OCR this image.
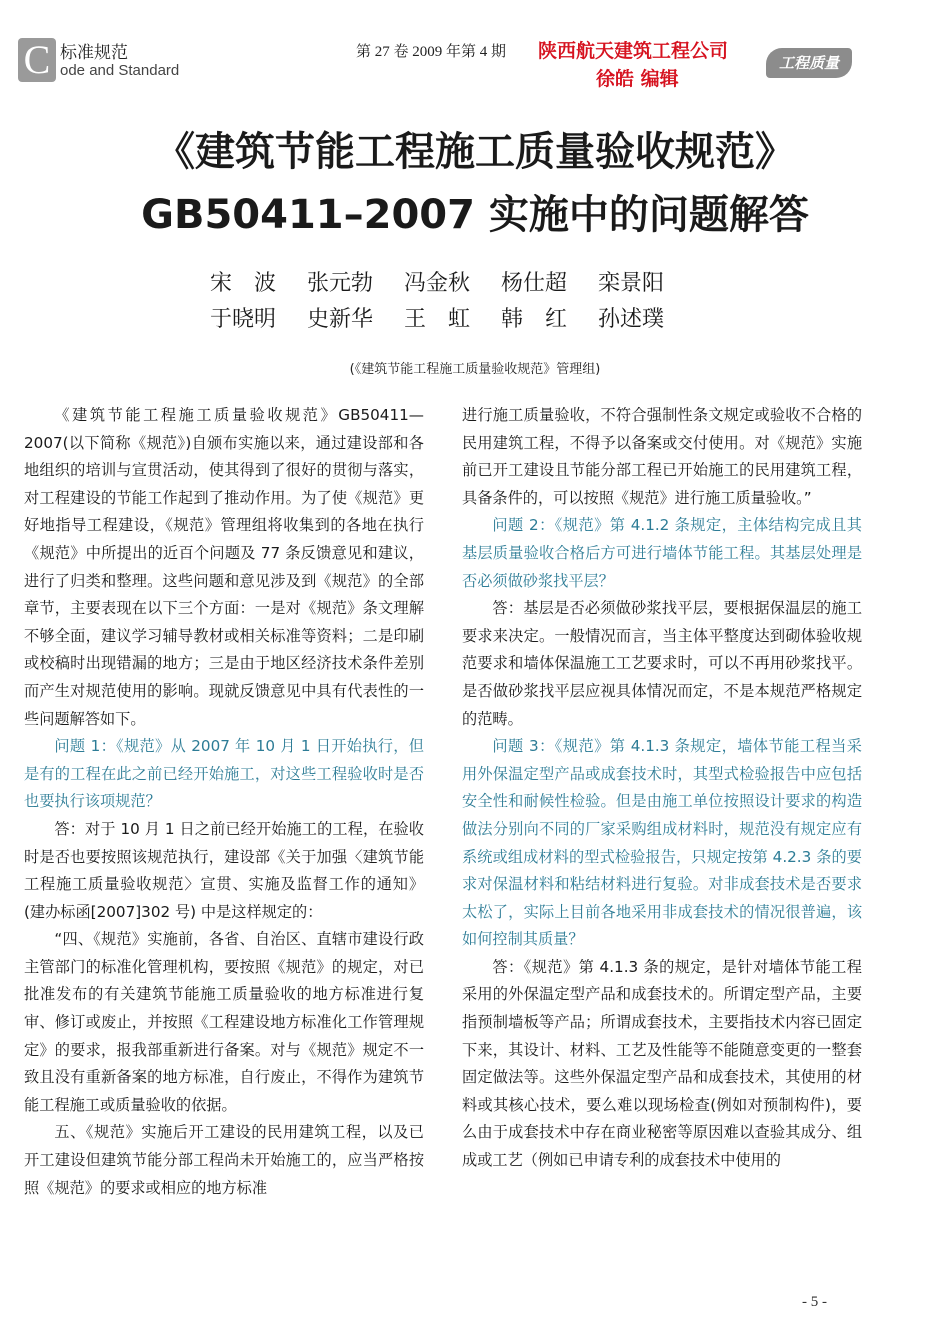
C 标准规范
ode and Standard
第 27 卷 2009 年第 4 期 陕西航天建筑工程公司
徐皓 编辑
工程质量
《建筑节能工程施工质量验收规范》
GB50411–2007 实施中的问题解答
宋　波	张元勃	冯金秋	杨仕超	栾景阳
于晓明	史新华	王　虹	韩　红	孙述璞
(《建筑节能工程施工质量验收规范》管理组)

《建筑节能工程施工质量验收规范》GB50411—2007(以下简称《规范》)自颁布实施以来，通过建设部和各地组织的培训与宣贯活动，使其得到了很好的贯彻与落实，对工程建设的节能工作起到了推动作用。为了使《规范》更好地指导工程建设，《规范》管理组将收集到的各地在执行《规范》中所提出的近百个问题及 77 条反馈意见和建议，进行了归类和整理。这些问题和意见涉及到《规范》的全部章节，主要表现在以下三个方面：一是对《规范》条文理解不够全面，建议学习辅导教材或相关标准等资料；二是印刷或校稿时出现错漏的地方；三是由于地区经济技术条件差别而产生对规范使用的影响。现就反馈意见中具有代表性的一些问题解答如下。

问题 1：《规范》从 2007 年 10 月 1 日开始执行，但是有的工程在此之前已经开始施工，对这些工程验收时是否也要执行该项规范？

答：对于 10 月 1 日之前已经开始施工的工程，在验收时是否也要按照该规范执行，建设部《关于加强〈建筑节能工程施工质量验收规范〉宣贯、实施及监督工作的通知》(建办标函[2007]302 号) 中是这样规定的：

“四、《规范》实施前，各省、自治区、直辖市建设行政主管部门的标准化管理机构，要按照《规范》的规定，对已批准发布的有关建筑节能施工质量验收的地方标准进行复审、修订或废止，并按照《工程建设地方标准化工作管理规定》的要求，报我部重新进行备案。对与《规范》规定不一致且没有重新备案的地方标准，自行废止，不得作为建筑节能工程施工或质量验收的依据。

五、《规范》实施后开工建设的民用建筑工程，以及已开工建设但建筑节能分部工程尚未开始施工的，应当严格按照《规范》的要求或相应的地方标准

进行施工质量验收，不符合强制性条文规定或验收不合格的民用建筑工程，不得予以备案或交付使用。对《规范》实施前已开工建设且节能分部工程已开始施工的民用建筑工程，具备条件的，可以按照《规范》进行施工质量验收。”

问题 2：《规范》第 4.1.2 条规定，主体结构完成且其基层质量验收合格后方可进行墙体节能工程。其基层处理是否必须做砂浆找平层？

答：基层是否必须做砂浆找平层，要根据保温层的施工要求来决定。一般情况而言，当主体平整度达到砌体验收规范要求和墙体保温施工工艺要求时，可以不再用砂浆找平。是否做砂浆找平层应视具体情况而定，不是本规范严格规定的范畴。

问题 3：《规范》第 4.1.3 条规定，墙体节能工程当采用外保温定型产品或成套技术时，其型式检验报告中应包括安全性和耐候性检验。但是由施工单位按照设计要求的构造做法分别向不同的厂家采购组成材料时，规范没有规定应有系统或组成材料的型式检验报告，只规定按第 4.2.3 条的要求对保温材料和粘结材料进行复验。对非成套技术是否要求太松了，实际上目前各地采用非成套技术的情况很普遍，该如何控制其质量？

答：《规范》第 4.1.3 条的规定，是针对墙体节能工程采用的外保温定型产品和成套技术的。所谓定型产品，主要指预制墙板等产品；所谓成套技术，主要指技术内容已固定下来，其设计、材料、工艺及性能等不能随意变更的一整套固定做法等。这些外保温定型产品和成套技术，其使用的材料或其核心技术，要么难以现场检查(例如对预制构件)，要么由于成套技术中存在商业秘密等原因难以查验其成分、组成或工艺（例如已申请专利的成套技术中使用的

- 5 -
